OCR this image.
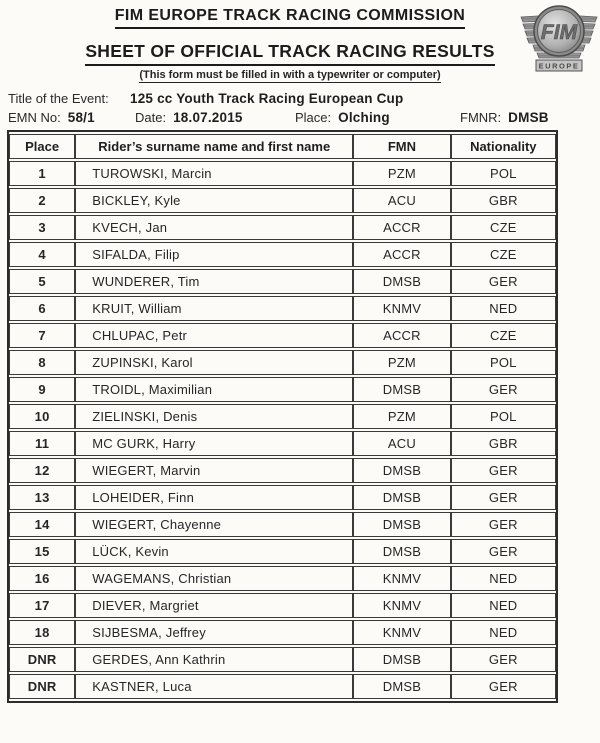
FIM EUROPE TRACK RACING COMMISSION
SHEET OF OFFICIAL TRACK RACING RESULTS
(This form must be filled in with a typewriter or computer)
FIM
EUROPE
Title of the Event:	125 cc Youth Track Racing European Cup
EMN No: 58/1	Date: 18.07.2015	Place: Olching	FMNR: DMSB
Place	Rider’s surname name and first name	FMN	Nationality
1	TUROWSKI, Marcin	PZM	POL
2	BICKLEY, Kyle	ACU	GBR
3	KVECH, Jan	ACCR	CZE
4	SIFALDA, Filip	ACCR	CZE
5	WUNDERER, Tim	DMSB	GER
6	KRUIT, William	KNMV	NED
7	CHLUPAC, Petr	ACCR	CZE
8	ZUPINSKI, Karol	PZM	POL
9	TROIDL, Maximilian	DMSB	GER
10	ZIELINSKI, Denis	PZM	POL
11	MC GURK, Harry	ACU	GBR
12	WIEGERT, Marvin	DMSB	GER
13	LOHEIDER, Finn	DMSB	GER
14	WIEGERT, Chayenne	DMSB	GER
15	LÜCK, Kevin	DMSB	GER
16	WAGEMANS, Christian	KNMV	NED
17	DIEVER, Margriet	KNMV	NED
18	SIJBESMA, Jeffrey	KNMV	NED
DNR	GERDES, Ann Kathrin	DMSB	GER
DNR	KASTNER, Luca	DMSB	GER
